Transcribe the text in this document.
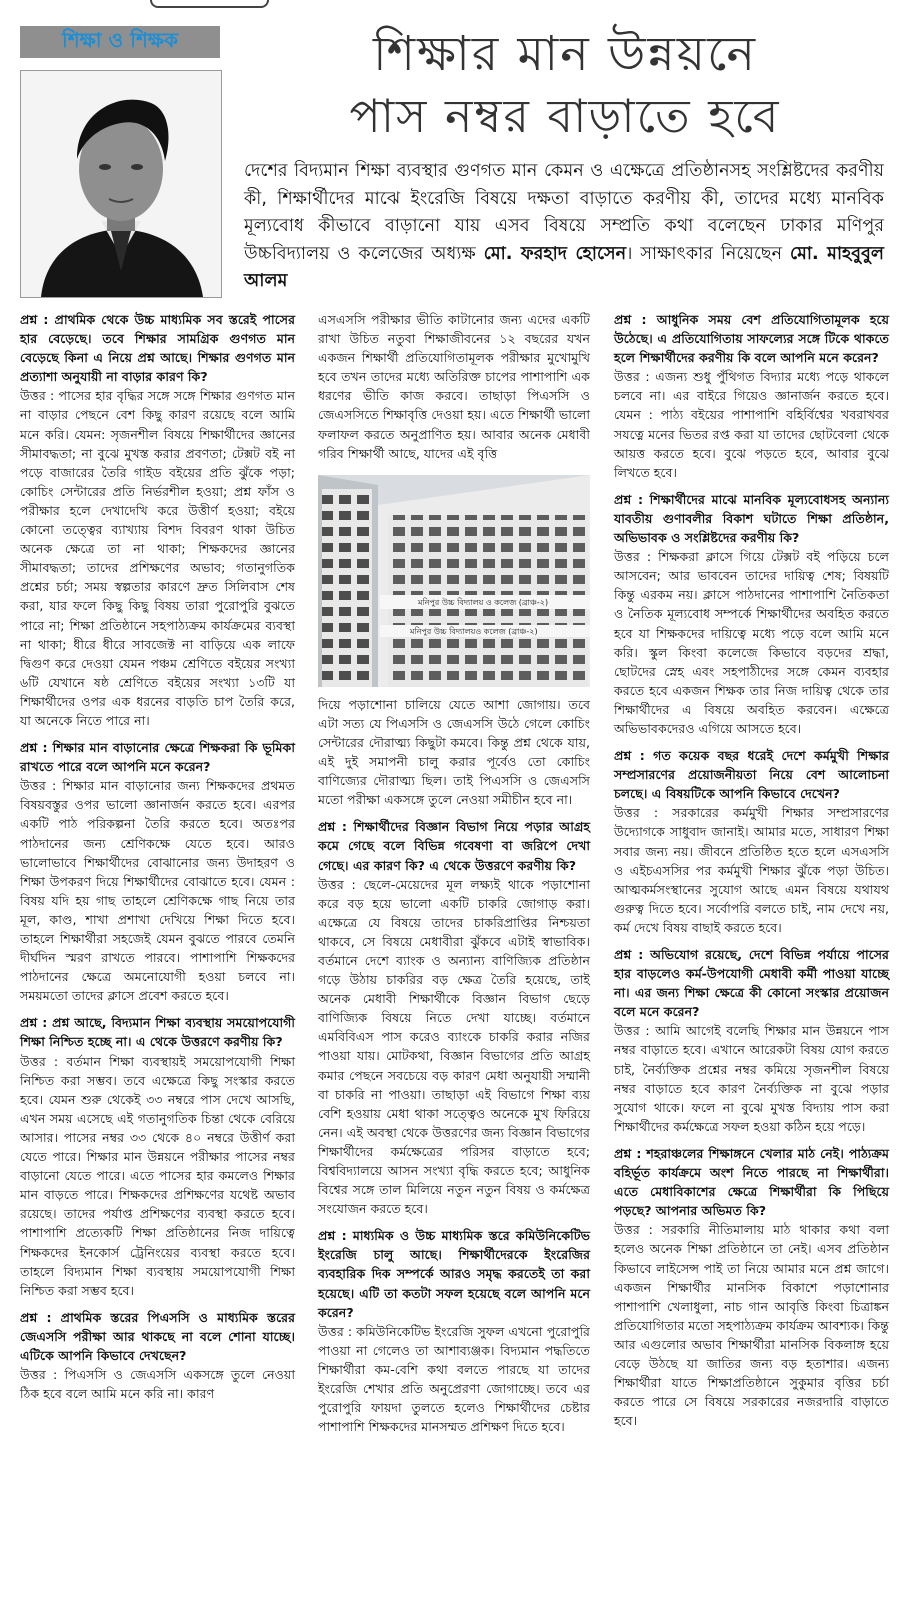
শিক্ষা ও শিক্ষক	শিক্ষার মান উন্নয়নে
পাস নম্বর বাড়াতে হবে
দেশের বিদ্যমান শিক্ষা ব্যবস্থার গুণগত মান কেমন ও এক্ষেত্রে প্রতিষ্ঠানসহ সংশ্লিষ্টদের করণীয় কী, শিক্ষার্থীদের মাঝে ইংরেজি বিষয়ে দক্ষতা বাড়াতে করণীয় কী, তাদের মধ্যে মানবিক মূল্যবোধ কীভাবে বাড়ানো যায় এসব বিষয়ে সম্প্রতি কথা বলেছেন ঢাকার মণিপুর উচ্চবিদ্যালয় ও কলেজের অধ্যক্ষ মো. ফরহাদ হোসেন। সাক্ষাৎকার নিয়েছেন মো. মাহবুবুল আলম

প্রশ্ন : প্রাথমিক থেকে উচ্চ মাধ্যমিক সব স্তরেই পাসের হার বেড়েছে। তবে শিক্ষার সামগ্রিক গুণগত মান বেড়েছে কিনা এ নিয়ে প্রশ্ন আছে। শিক্ষার গুণগত মান প্রত্যাশা অনুযায়ী না বাড়ার কারণ কি?

উত্তর : পাসের হার বৃদ্ধির সঙ্গে সঙ্গে শিক্ষার গুণগত মান না বাড়ার পেছনে বেশ কিছু কারণ রয়েছে বলে আমি মনে করি। যেমন: সৃজনশীল বিষয়ে শিক্ষার্থীদের জ্ঞানের সীমাবদ্ধতা; না বুঝে মুখস্ত করার প্রবণতা; টেক্সট বই না পড়ে বাজারের তৈরি গাইড বইয়ের প্রতি ঝুঁকে পড়া; কোচিং সেন্টারের প্রতি নির্ভরশীল হওয়া; প্রশ্ন ফাঁস ও পরীক্ষার হলে দেখাদেখি করে উত্তীর্ণ হওয়া; বইয়ে কোনো তত্ত্বের ব্যাখ্যায় বিশদ বিবরণ থাকা উচিত অনেক ক্ষেত্রে তা না থাকা; শিক্ষকদের জ্ঞানের সীমাবদ্ধতা; তাদের প্রশিক্ষণের অভাব; গতানুগতিক প্রশ্নের চর্চা; সময় স্বল্পতার কারণে দ্রুত সিলিবাস শেষ করা, যার ফলে কিছু কিছু বিষয় তারা পুরোপুরি বুঝতে পারে না; শিক্ষা প্রতিষ্ঠানে সহপাঠ্যক্রম কার্যক্রমের ব্যবস্থা না থাকা; ধীরে ধীরে সাবজেক্ট না বাড়িয়ে এক লাফে দ্বিগুণ করে দেওয়া যেমন পঞ্চম শ্রেণিতে বইয়ের সংখ্যা ৬টি যেখানে ষষ্ঠ শ্রেণিতে বইয়ের সংখ্যা ১৩টি যা শিক্ষার্থীদের ওপর এক ধরনের বাড়তি চাপ তৈরি করে, যা অনেকে নিতে পারে না।

প্রশ্ন : শিক্ষার মান বাড়ানোর ক্ষেত্রে শিক্ষকরা কি ভূমিকা রাখতে পারে বলে আপনি মনে করেন?

উত্তর : শিক্ষার মান বাড়ানোর জন্য শিক্ষকদের প্রথমত বিষয়বস্তুর ওপর ভালো জ্ঞানার্জন করতে হবে। এরপর একটি পাঠ পরিকল্পনা তৈরি করতে হবে। অতঃপর পাঠদানের জন্য শ্রেণিকক্ষে যেতে হবে। আরও ভালোভাবে শিক্ষার্থীদের বোঝানোর জন্য উদাহরণ ও শিক্ষা উপকরণ দিয়ে শিক্ষার্থীদের বোঝাতে হবে। যেমন : বিষয় যদি হয় গাছ তাহলে শ্রেণিকক্ষে গাছ নিয়ে তার মূল, কাণ্ড, শাখা প্রশাখা দেখিয়ে শিক্ষা দিতে হবে। তাহলে শিক্ষার্থীরা সহজেই যেমন বুঝতে পারবে তেমনি দীর্ঘদিন স্মরণ রাখতে পারবে। পাশাপাশি শিক্ষকদের পাঠদানের ক্ষেত্রে অমনোযোগী হওয়া চলবে না। সময়মতো তাদের ক্লাসে প্রবেশ করতে হবে।

প্রশ্ন : প্রশ্ন আছে, বিদ্যমান শিক্ষা ব্যবস্থায় সময়োপযোগী শিক্ষা নিশ্চিত হচ্ছে না। এ থেকে উত্তরণে করণীয় কি?

উত্তর : বর্তমান শিক্ষা ব্যবস্থায়ই সময়োপযোগী শিক্ষা নিশ্চিত করা সম্ভব। তবে এক্ষেত্রে কিছু সংস্কার করতে হবে। যেমন শুরু থেকেই ৩৩ নম্বরে পাস দেখে আসছি, এখন সময় এসেছে এই গতানুগতিক চিন্তা থেকে বেরিয়ে আসার। পাসের নম্বর ৩৩ থেকে ৪০ নম্বরে উত্তীর্ণ করা যেতে পারে। শিক্ষার মান উন্নয়নে পরীক্ষার পাসের নম্বর বাড়ানো যেতে পারে। এতে পাসের হার কমলেও শিক্ষার মান বাড়তে পারে। শিক্ষকদের প্রশিক্ষণের যথেষ্ট অভাব রয়েছে। তাদের পর্যাপ্ত প্রশিক্ষণের ব্যবস্থা করতে হবে। পাশাপাশি প্রত্যেকটি শিক্ষা প্রতিষ্ঠানের নিজ দায়িত্বে শিক্ষকদের ইনকোর্স ট্রেনিংয়ের ব্যবস্থা করতে হবে। তাহলে বিদ্যমান শিক্ষা ব্যবস্থায় সময়োপযোগী শিক্ষা নিশ্চিত করা সম্ভব হবে।

প্রশ্ন : প্রাথমিক স্তরের পিএসসি ও মাধ্যমিক স্তরের জেএসসি পরীক্ষা আর থাকছে না বলে শোনা যাচ্ছে। এটিকে আপনি কিভাবে দেখছেন?

উত্তর : পিএসসি ও জেএসসি একসঙ্গে তুলে নেওয়া ঠিক হবে বলে আমি মনে করি না। কারণ

এসএসসি পরীক্ষার ভীতি কাটানোর জন্য এদের একটি রাখা উচিত নতুবা শিক্ষাজীবনের ১২ বছরের যখন একজন শিক্ষার্থী প্রতিযোগিতামূলক পরীক্ষার মুখোমুখি হবে তখন তাদের মধ্যে অতিরিক্ত চাপের পাশাপাশি এক ধরণের ভীতি কাজ করবে। তাছাড়া পিএসসি ও জেএসসিতে শিক্ষাবৃত্তি দেওয়া হয়। এতে শিক্ষার্থী ভালো ফলাফল করতে অনুপ্রাণিত হয়। আবার অনেক মেধাবী গরিব শিক্ষার্থী আছে, যাদের এই বৃত্তি

মনিপুর উচ্চ বিদ্যালয় ও কলেজ (ব্রাঞ্চ-২)
মনিপুর উচ্চ বিদ্যালয়ও কলেজ (ব্রাঞ্চ-২)

দিয়ে পড়াশোনা চালিয়ে যেতে আশা জোগায়। তবে এটা সত্য যে পিএসসি ও জেএসসি উঠে গেলে কোচিং সেন্টারের দৌরাত্ম্য কিছুটা কমবে। কিন্তু প্রশ্ন থেকে যায়, এই দুই সমাপনী চালু করার পূর্বেও তো কোচিং বাণিজ্যের দৌরাত্ম্য ছিল। তাই পিএসসি ও জেএসসি মতো পরীক্ষা একসঙ্গে তুলে নেওয়া সমীচীন হবে না।

প্রশ্ন : শিক্ষার্থীদের বিজ্ঞান বিভাগ নিয়ে পড়ার আগ্রহ কমে গেছে বলে বিভিন্ন গবেষণা বা জরিপে দেখা গেছে। এর কারণ কি? এ থেকে উত্তরণে করণীয় কি?

উত্তর : ছেলে-মেয়েদের মূল লক্ষ্যই থাকে পড়াশোনা করে বড় হয়ে ভালো একটি চাকরি জোগাড় করা। এক্ষেত্রে যে বিষয়ে তাদের চাকরিপ্রাপ্তির নিশ্চয়তা থাকবে, সে বিষয়ে মেধাবীরা ঝুঁকবে এটাই স্বাভাবিক। বর্তমানে দেশে ব্যাংক ও অন্যান্য বাণিজ্যিক প্রতিষ্ঠান গড়ে উঠায় চাকরির বড় ক্ষেত্র তৈরি হয়েছে, তাই অনেক মেধাবী শিক্ষার্থীকে বিজ্ঞান বিভাগ ছেড়ে বাণিজ্যিক বিষয়ে নিতে দেখা যাচ্ছে। বর্তমানে এমবিবিএস পাস করেও ব্যাংকে চাকরি করার নজির পাওয়া যায়। মোটকথা, বিজ্ঞান বিভাগের প্রতি আগ্রহ কমার পেছনে সবচেয়ে বড় কারণ মেধা অনুযায়ী সম্মানী বা চাকরি না পাওয়া। তাছাড়া এই বিভাগে শিক্ষা ব্যয় বেশি হওয়ায় মেধা থাকা সত্ত্বেও অনেকে মুখ ফিরিয়ে নেন। এই অবস্থা থেকে উত্তরণের জন্য বিজ্ঞান বিভাগের শিক্ষার্থীদের কর্মক্ষেত্রের পরিসর বাড়াতে হবে; বিশ্ববিদ্যালয়ে আসন সংখ্যা বৃদ্ধি করতে হবে; আধুনিক বিশ্বের সঙ্গে তাল মিলিয়ে নতুন নতুন বিষয় ও কর্মক্ষেত্র সংযোজন করতে হবে।

প্রশ্ন : মাধ্যমিক ও উচ্চ মাধ্যমিক স্তরে কমিউনিকেটিভ ইংরেজি চালু আছে। শিক্ষার্থীদেরকে ইংরেজির ব্যবহারিক দিক সম্পর্কে আরও সমৃদ্ধ করতেই তা করা হয়েছে। এটি তা কতটা সফল হয়েছে বলে আপনি মনে করেন?

উত্তর : কমিউনিকেটিভ ইংরেজি সুফল এখনো পুরোপুরি পাওয়া না গেলেও তা আশাব্যঞ্জক। বিদ্যমান পদ্ধতিতে শিক্ষার্থীরা কম-বেশি কথা বলতে পারছে যা তাদের ইংরেজি শেখার প্রতি অনুপ্রেরণা জোগাচ্ছে। তবে এর পুরোপুরি ফায়দা তুলতে হলেও শিক্ষার্থীদের চেষ্টার পাশাপাশি শিক্ষকদের মানসম্মত প্রশিক্ষণ দিতে হবে।

প্রশ্ন : আধুনিক সময় বেশ প্রতিযোগিতামূলক হয়ে উঠেছে। এ প্রতিযোগিতায় সাফল্যের সঙ্গে টিকে থাকতে হলে শিক্ষার্থীদের করণীয় কি বলে আপনি মনে করেন?

উত্তর : এজন্য শুধু পুঁথিগত বিদ্যার মধ্যে পড়ে থাকলে চলবে না। এর বাইরে গিয়েও জ্ঞানার্জন করতে হবে। যেমন : পাঠ্য বইয়ের পাশাপাশি বহির্বিশ্বের খবরাখবর সযত্নে মনের ভিতর রপ্ত করা যা তাদের ছোটবেলা থেকে আয়ত্ত করতে হবে। বুঝে পড়তে হবে, আবার বুঝে লিখতে হবে।

প্রশ্ন : শিক্ষার্থীদের মাঝে মানবিক মূল্যবোধসহ অন্যান্য যাবতীয় গুণাবলীর বিকাশ ঘটাতে শিক্ষা প্রতিষ্ঠান, অভিভাবক ও সংশ্লিষ্টদের করণীয় কি?

উত্তর : শিক্ষকরা ক্লাসে গিয়ে টেক্সট বই পড়িয়ে চলে আসবেন; আর ভাববেন তাদের দায়িত্ব শেষ; বিষয়টি কিন্তু এরকম নয়। ক্লাসে পাঠদানের পাশাপাশি নৈতিকতা ও নৈতিক মূল্যবোধ সম্পর্কে শিক্ষার্থীদের অবহিত করতে হবে যা শিক্ষকদের দায়িত্বে মধ্যে পড়ে বলে আমি মনে করি। স্কুল কিংবা কলেজে কিভাবে বড়দের শ্রদ্ধা, ছোটদের স্নেহ এবং সহপাঠীদের সঙ্গে কেমন ব্যবহার করতে হবে একজন শিক্ষক তার নিজ দায়িত্ব থেকে তার শিক্ষার্থীদের এ বিষয়ে অবহিত করবেন। এক্ষেত্রে অভিভাবকদেরও এগিয়ে আসতে হবে।

প্রশ্ন : গত কয়েক বছর ধরেই দেশে কর্মমুখী শিক্ষার সম্প্রসারণের প্রয়োজনীয়তা নিয়ে বেশ আলোচনা চলছে। এ বিষয়টিকে আপনি কিভাবে দেখেন?

উত্তর : সরকারের কর্মমুখী শিক্ষার সম্প্রসারণের উদ্যোগকে সাধুবাদ জানাই। আমার মতে, সাধারণ শিক্ষা সবার জন্য নয়। জীবনে প্রতিষ্ঠিত হতে হলে এসএসসি ও এইচএসসির পর কর্মমুখী শিক্ষার ঝুঁকে পড়া উচিত। আত্মকর্মসংস্থানের সুযোগ আছে এমন বিষয়ে যথাযথ গুরুত্ব দিতে হবে। সর্বোপরি বলতে চাই, নাম দেখে নয়, কর্ম দেখে বিষয় বাছাই করতে হবে।

প্রশ্ন : অভিযোগ রয়েছে, দেশে বিভিন্ন পর্যায়ে পাসের হার বাড়লেও কর্ম-উপযোগী মেধাবী কর্মী পাওয়া যাচ্ছে না। এর জন্য শিক্ষা ক্ষেত্রে কী কোনো সংস্কার প্রয়োজন বলে মনে করেন?

উত্তর : আমি আগেই বলেছি শিক্ষার মান উন্নয়নে পাস নম্বর বাড়াতে হবে। এখানে আরেকটা বিষয় যোগ করতে চাই, নৈর্ব্যক্তিক প্রশ্নের নম্বর কমিয়ে সৃজনশীল বিষয়ে নম্বর বাড়াতে হবে কারণ নৈর্ব্যক্তিক না বুঝে পড়ার সুযোগ থাকে। ফলে না বুঝে মুখস্ত বিদ্যায় পাস করা শিক্ষার্থীদের কর্মক্ষেত্রে সফল হওয়া কঠিন হয়ে পড়ে।

প্রশ্ন : শহরাঞ্চলের শিক্ষাঙ্গনে খেলার মাঠ নেই। পাঠ্যক্রম বহির্ভূত কার্যক্রমে অংশ নিতে পারছে না শিক্ষার্থীরা। এতে মেধাবিকাশের ক্ষেত্রে শিক্ষার্থীরা কি পিছিয়ে পড়ছে? আপনার অভিমত কি?

উত্তর : সরকারি নীতিমালায় মাঠ থাকার কথা বলা হলেও অনেক শিক্ষা প্রতিষ্ঠানে তা নেই। এসব প্রতিষ্ঠান কিভাবে লাইসেন্স পাই তা নিয়ে আমার মনে প্রশ্ন জাগে। একজন শিক্ষার্থীর মানসিক বিকাশে পড়াশোনার পাশাপাশি খেলাধুলা, নাচ গান আবৃত্তি কিংবা চিত্রাঙ্কন প্রতিযোগিতার মতো সহপাঠ্যক্রম কার্যক্রম আবশ্যক। কিন্তু আর এগুলোর অভাব শিক্ষার্থীরা মানসিক বিকলাঙ্গ হয়ে বেড়ে উঠছে যা জাতির জন্য বড় হতাশার। এজন্য শিক্ষার্থীরা যাতে শিক্ষাপ্রতিষ্ঠানে সুকুমার বৃত্তির চর্চা করতে পারে সে বিষয়ে সরকারের নজরদারি বাড়াতে হবে।
